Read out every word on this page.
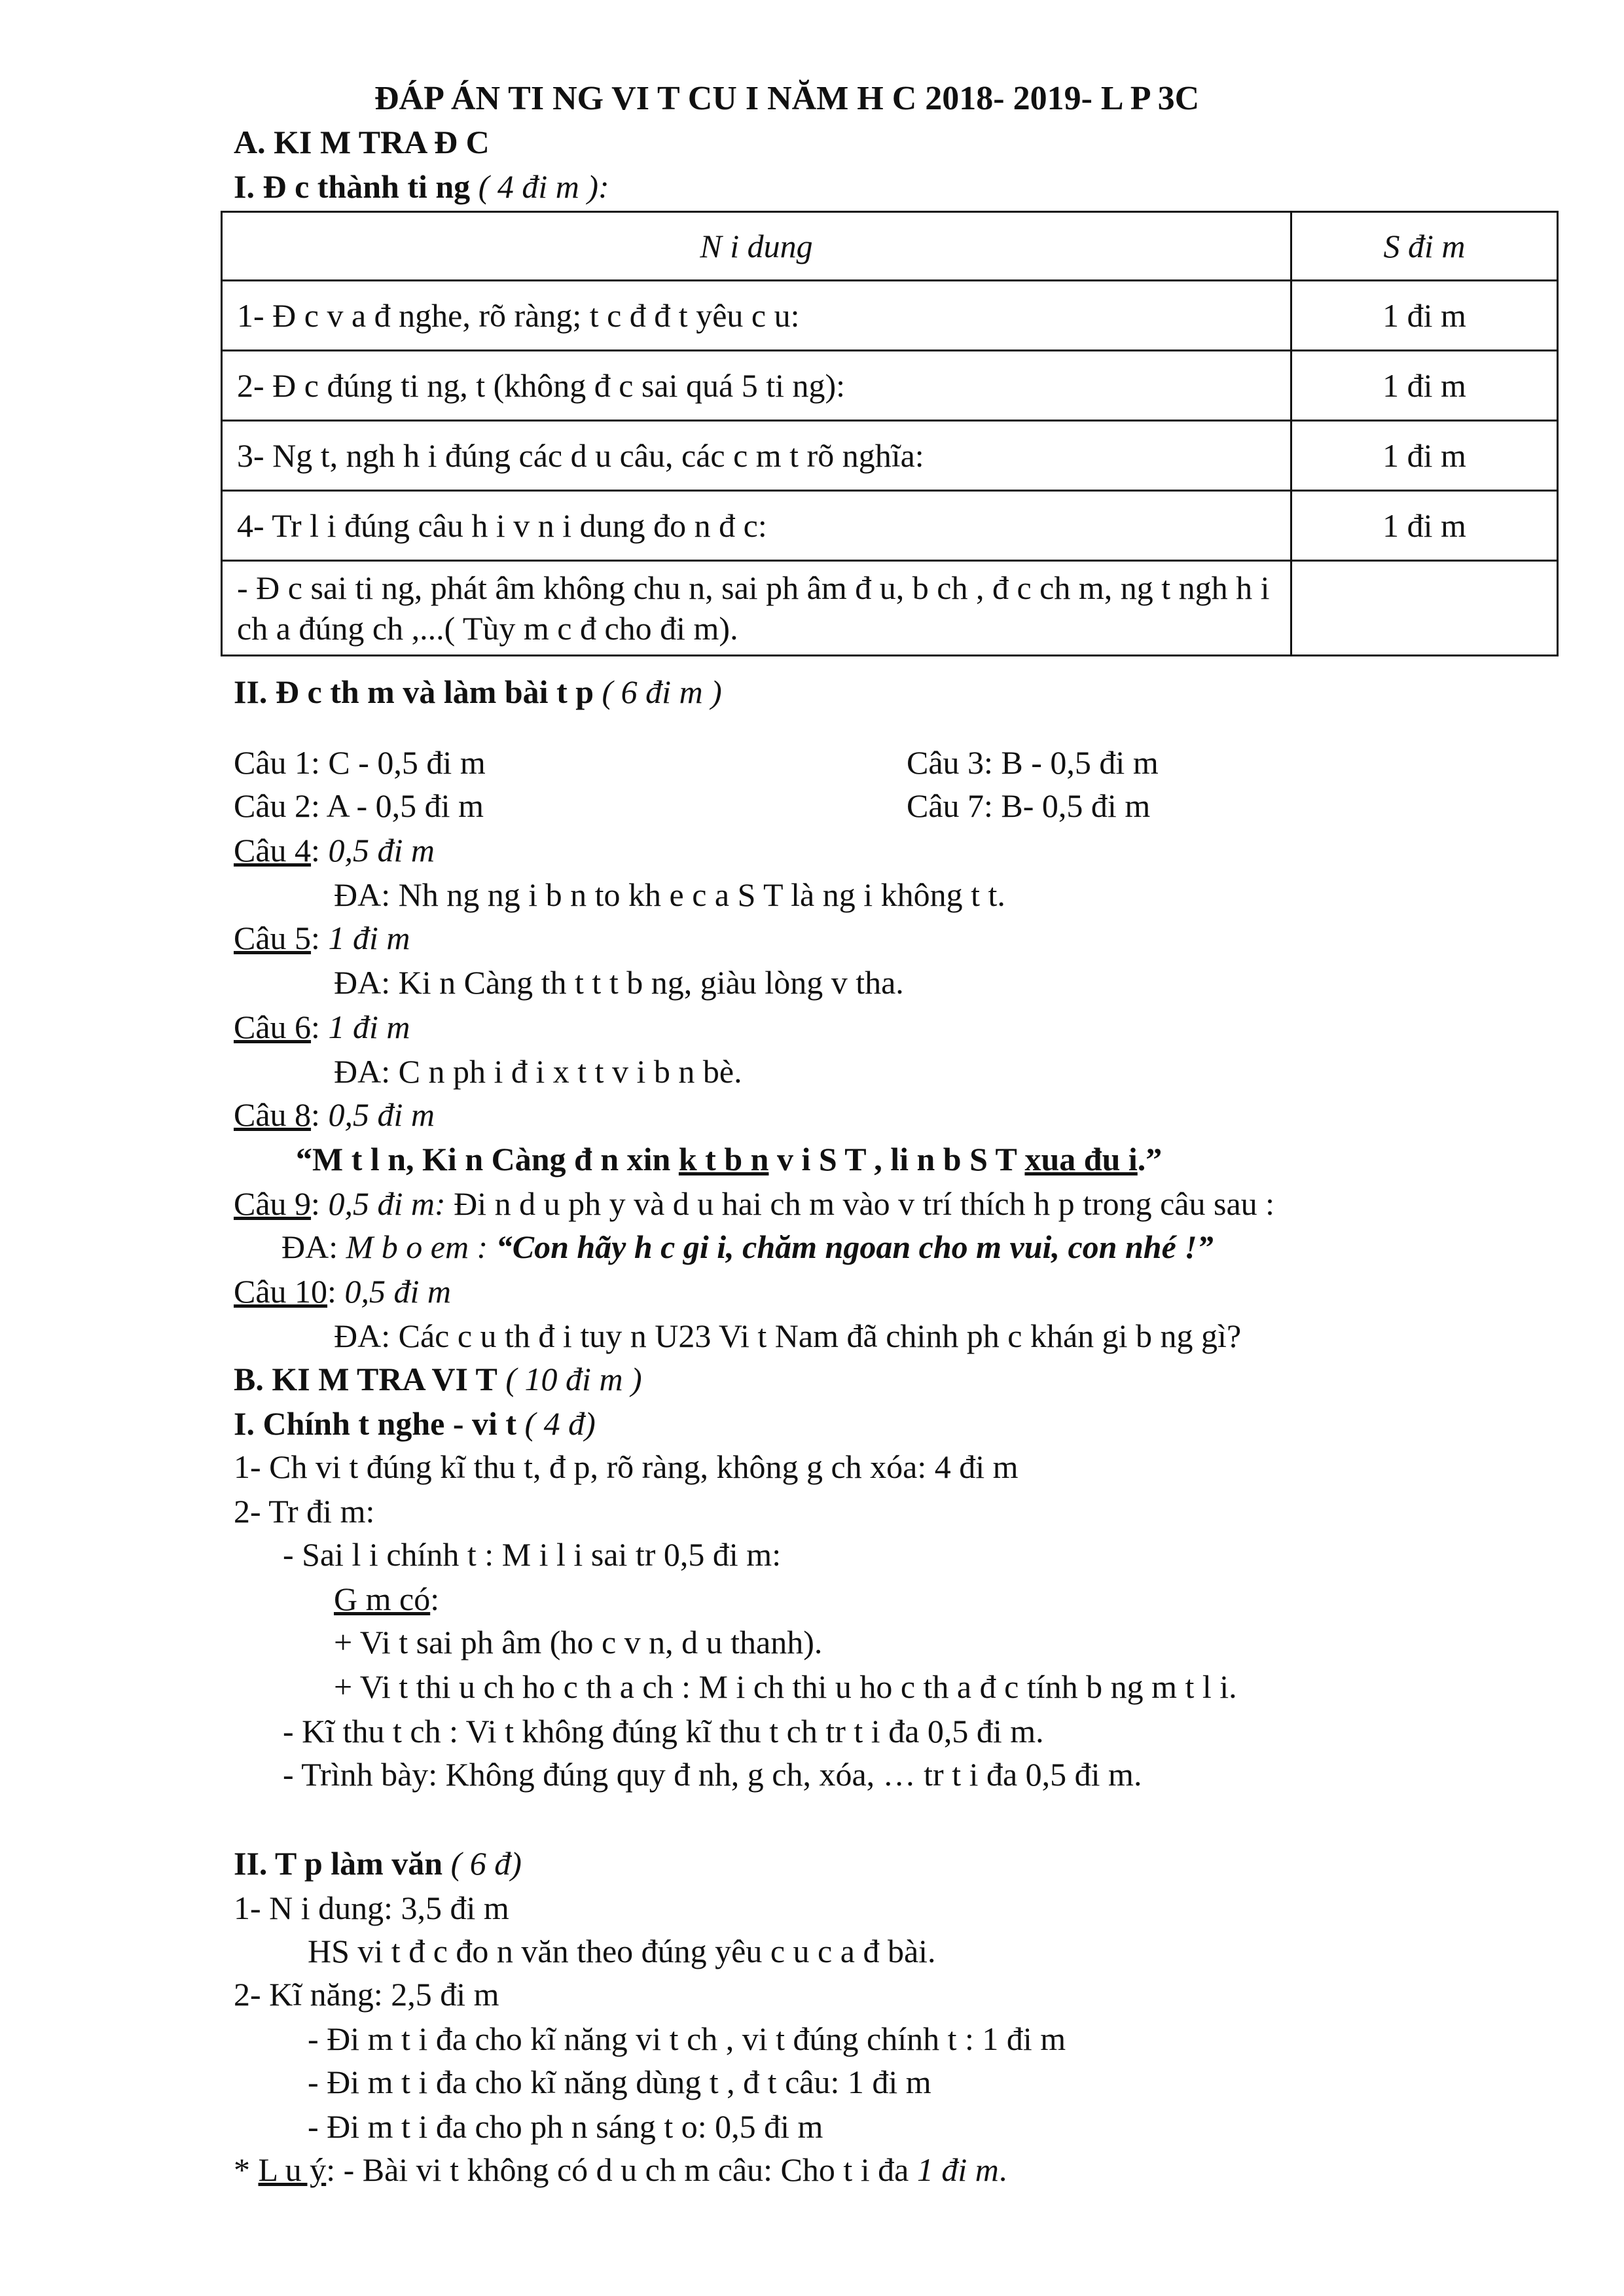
ĐÁP ÁN TI NG VI T CU I NĂM H C 2018- 2019- L P 3C
A. KI M TRA Đ C
I. Đ c thành ti ng ( 4 đi m ):
N i dung	S đi m
1- Đ c v a đ nghe, rõ ràng; t c đ đ t yêu c u:	1 đi m
2- Đ c đúng ti ng, t (không đ c sai quá 5 ti ng):	1 đi m
3- Ng t, ngh h i đúng các d u câu, các c m t rõ nghĩa:	1 đi m
4- Tr l i đúng câu h i v n i dung đo n đ c:	1 đi m
- Đ c sai ti ng, phát âm không chu n, sai ph âm đ u, b ch , đ c ch m, ng t ngh h i ch a đúng ch ,...( Tùy m c đ cho đi m).	
II. Đ c th m và làm bài t p ( 6 đi m )
Câu 1: C - 0,5 đi m	Câu 3: B - 0,5 đi m
Câu 2: A - 0,5 đi m	Câu 7: B- 0,5 đi m
Câu 4: 0,5 đi m
ĐA: Nh ng ng i b n to kh e c a S T là ng i không t t.
Câu 5: 1 đi m
ĐA: Ki n Càng th t t t b ng, giàu lòng v tha.
Câu 6: 1 đi m
ĐA: C n ph i đ i x t t v i b n bè.
Câu 8: 0,5 đi m
“M t l n, Ki n Càng đ n xin k t b n v i S T , li n b S T xua đu i.”
Câu 9: 0,5 đi m: Đi n d u ph y và d u hai ch m vào v trí thích h p trong câu sau :
ĐA: M b o em : “Con hãy h c gi i, chăm ngoan cho m vui, con nhé !”
Câu 10: 0,5 đi m
ĐA: Các c u th đ i tuy n U23 Vi t Nam đã chinh ph c khán gi b ng gì?
B. KI M TRA VI T ( 10 đi m )
I. Chính t nghe - vi t ( 4 đ)
1- Ch vi t đúng kĩ thu t, đ p, rõ ràng, không g ch xóa: 4 đi m
2- Tr đi m:
- Sai l i chính t : M i l i sai tr 0,5 đi m:
G m có:
+ Vi t sai ph âm (ho c v n, d u thanh).
+ Vi t thi u ch ho c th a ch : M i ch thi u ho c th a đ c tính b ng m t l i.
- Kĩ thu t ch : Vi t không đúng kĩ thu t ch tr t i đa 0,5 đi m.
- Trình bày: Không đúng quy đ nh, g ch, xóa, … tr t i đa 0,5 đi m.
II. T p làm văn ( 6 đ)
1- N i dung: 3,5 đi m
HS vi t đ c đo n văn theo đúng yêu c u c a đ bài.
2- Kĩ năng: 2,5 đi m
- Đi m t i đa cho kĩ năng vi t ch , vi t đúng chính t : 1 đi m
- Đi m t i đa cho kĩ năng dùng t , đ t câu: 1 đi m
- Đi m t i đa cho ph n sáng t o: 0,5 đi m
* L u ý: - Bài vi t không có d u ch m câu: Cho t i đa 1 đi m.
